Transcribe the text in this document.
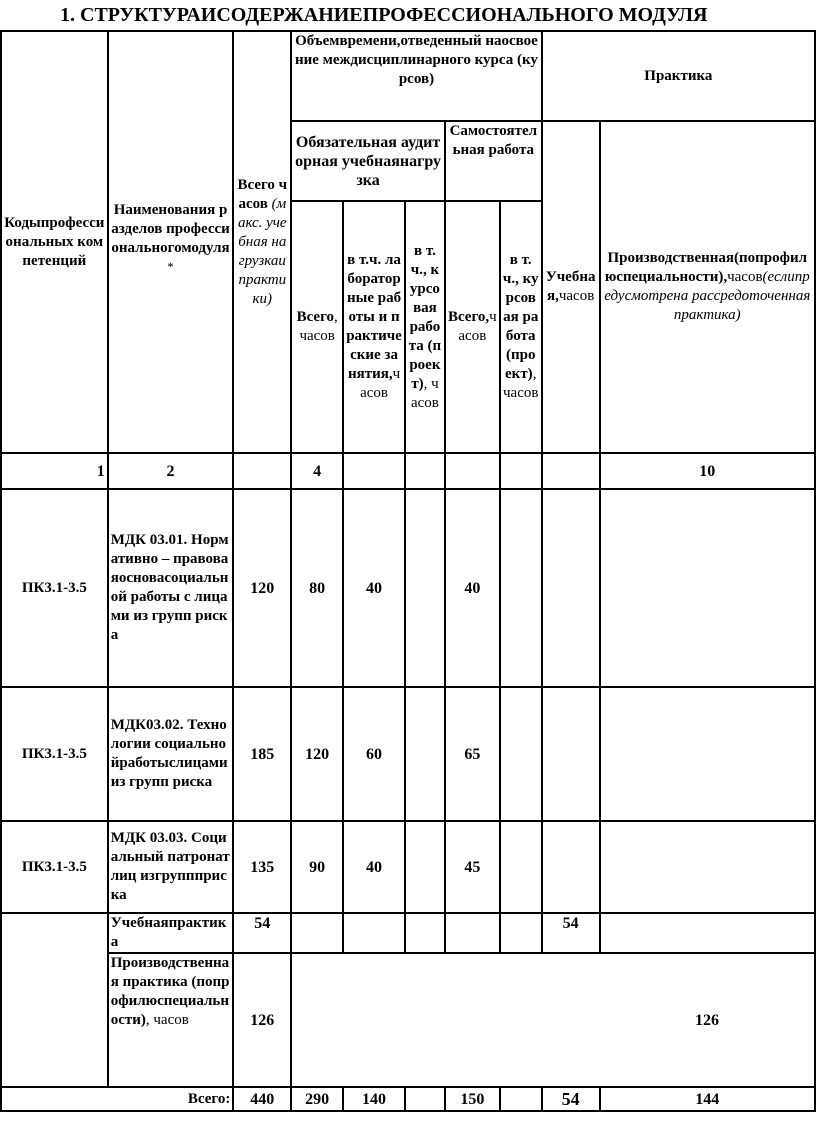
1. СТРУКТУРАИСОДЕРЖАНИЕПРОФЕССИОНАЛЬНОГО МОДУЛЯ
Кодыпрофессиональных компетенций	Наименования разделов профессиональногомодуля*	Всего часов (макс. учебная нагрузкаи практики)	Объемвремени,отведенный наосвоение междисциплинарного курса (курсов)					Практика	
			Обязательная аудиторная учебнаянагрузка			Самостоятельная работа		Учебная,часов	Производственная(попрофилюспециальности),часов(еслипредусмотрена рассредоточеннаяпрактика)
			Всего,часов	в т.ч. лабораторные работы и практические занятия,часов	в т.ч., курсовая работа (проект), часов	Всего,часов	в т.ч., курсовая работа (проект), часов		
1	2		4						10
ПК3.1-3.5	МДК 03.01. Нормативно – правоваяосновасоциальной работы с лицами из групп риска	120	80	40		40			
ПК3.1-3.5	МДК03.02. Технологии социальнойработыслицами из групп риска	185	120	60		65			
ПК3.1-3.5	МДК 03.03. Социальный патронатлиц изгруппприска	135	90	40		45			
	Учебнаяпрактика	54						54	
	Производственная практика (попрофилюспециальности), часов	126	126						
	Всего:	440	290	140		150		54	144
